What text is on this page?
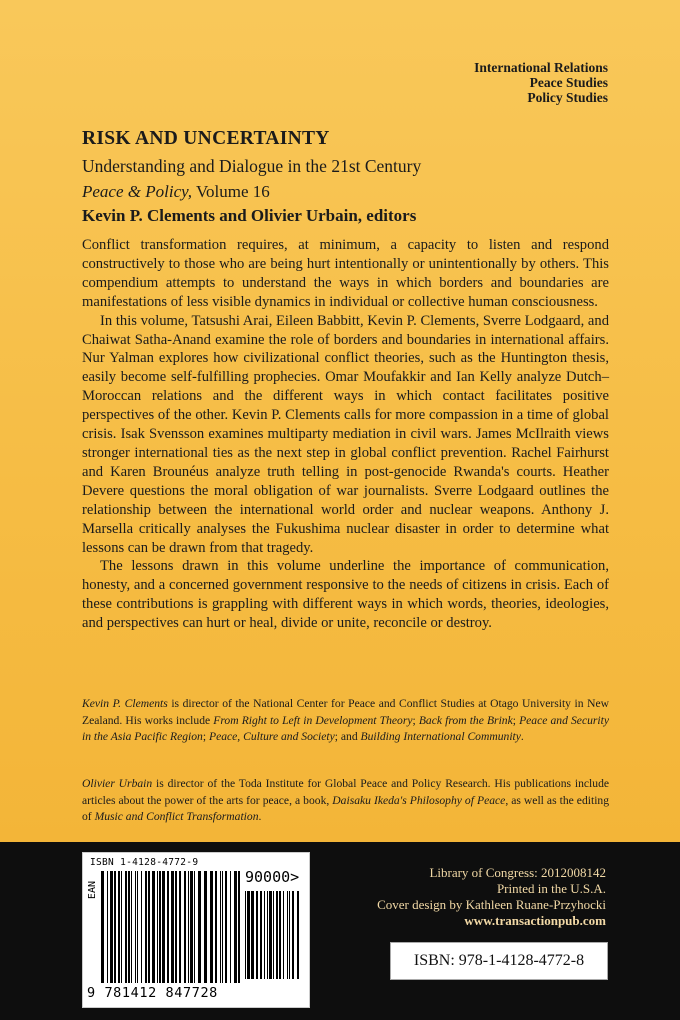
International Relations
Peace Studies
Policy Studies
RISK AND UNCERTAINTY
Understanding and Dialogue in the 21st Century
Peace & Policy, Volume 16
Kevin P. Clements and Olivier Urbain, editors

Conflict transformation requires, at minimum, a capacity to listen and respond constructively to those who are being hurt intentionally or unintentionally by others. This compendium attempts to understand the ways in which borders and boundaries are manifestations of less visible dynamics in individual or collective human consciousness.

In this volume, Tatsushi Arai, Eileen Babbitt, Kevin P. Clements, Sverre Lodgaard, and Chaiwat Satha-Anand examine the role of borders and boundaries in international affairs. Nur Yalman explores how civilizational conflict theories, such as the Huntington thesis, easily become self-fulfilling prophecies. Omar Moufakkir and Ian Kelly analyze Dutch–Moroccan relations and the different ways in which contact facilitates positive perspectives of the other. Kevin P. Clements calls for more compassion in a time of global crisis. Isak Svensson examines multiparty mediation in civil wars. James McIlraith views stronger international ties as the next step in global conflict prevention. Rachel Fairhurst and Karen Brounéus analyze truth telling in post-genocide Rwanda's courts. Heather Devere questions the moral obligation of war journalists. Sverre Lodgaard outlines the relationship between the international world order and nuclear weapons. Anthony J. Marsella critically analyses the Fukushima nuclear disaster in order to determine what lessons can be drawn from that tragedy.

The lessons drawn in this volume underline the importance of communication, honesty, and a concerned government responsive to the needs of citizens in crisis. Each of these contributions is grappling with different ways in which words, theories, ideologies, and perspectives can hurt or heal, divide or unite, reconcile or destroy.

Kevin P. Clements is director of the National Center for Peace and Conflict Studies at Otago University in New Zealand. His works include From Right to Left in Development Theory; Back from the Brink; Peace and Security in the Asia Pacific Region; Peace, Culture and Society; and Building International Community.
Olivier Urbain is director of the Toda Institute for Global Peace and Policy Research. His publications include articles about the power of the arts for peace, a book, Daisaku Ikeda's Philosophy of Peace, as well as the editing of Music and Conflict Transformation.
ISBN 1-4128-4772-9
EAN
90000>
9 781412 847728
Library of Congress: 2012008142
Printed in the U.S.A.
Cover design by Kathleen Ruane-Przyhocki
www.transactionpub.com
ISBN: 978-1-4128-4772-8
